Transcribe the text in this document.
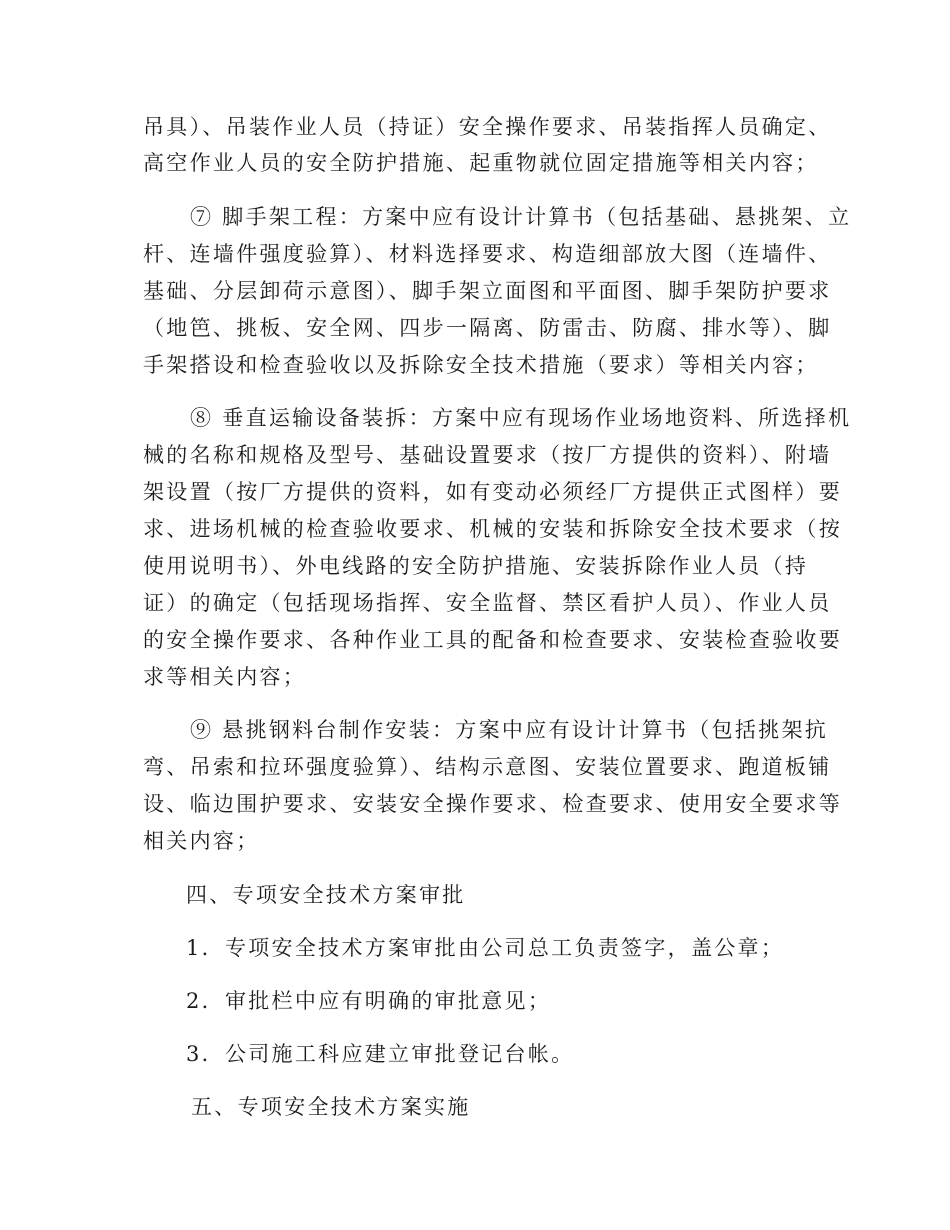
吊具）、吊装作业人员（持证）安全操作要求、吊装指挥人员确定、
高空作业人员的安全防护措施、起重物就位固定措施等相关内容；
⑦ 脚手架工程：方案中应有设计计算书（包括基础、悬挑架、立
杆、连墙件强度验算）、材料选择要求、构造细部放大图（连墙件、
基础、分层卸荷示意图）、脚手架立面图和平面图、脚手架防护要求
（地笆、挑板、安全网、四步一隔离、防雷击、防腐、排水等）、脚
手架搭设和检查验收以及拆除安全技术措施（要求）等相关内容；
⑧ 垂直运输设备装拆：方案中应有现场作业场地资料、所选择机
械的名称和规格及型号、基础设置要求（按厂方提供的资料）、附墙
架设置（按厂方提供的资料，如有变动必须经厂方提供正式图样）要
求、进场机械的检查验收要求、机械的安装和拆除安全技术要求（按
使用说明书）、外电线路的安全防护措施、安装拆除作业人员（持
证）的确定（包括现场指挥、安全监督、禁区看护人员）、作业人员
的安全操作要求、各种作业工具的配备和检查要求、安装检查验收要
求等相关内容；
⑨ 悬挑钢料台制作安装：方案中应有设计计算书（包括挑架抗
弯、吊索和拉环强度验算）、结构示意图、安装位置要求、跑道板铺
设、临边围护要求、安装安全操作要求、检查要求、使用安全要求等
相关内容；
四、专项安全技术方案审批
1．专项安全技术方案审批由公司总工负责签字，盖公章；
2．审批栏中应有明确的审批意见；
3．公司施工科应建立审批登记台帐。
五、专项安全技术方案实施
